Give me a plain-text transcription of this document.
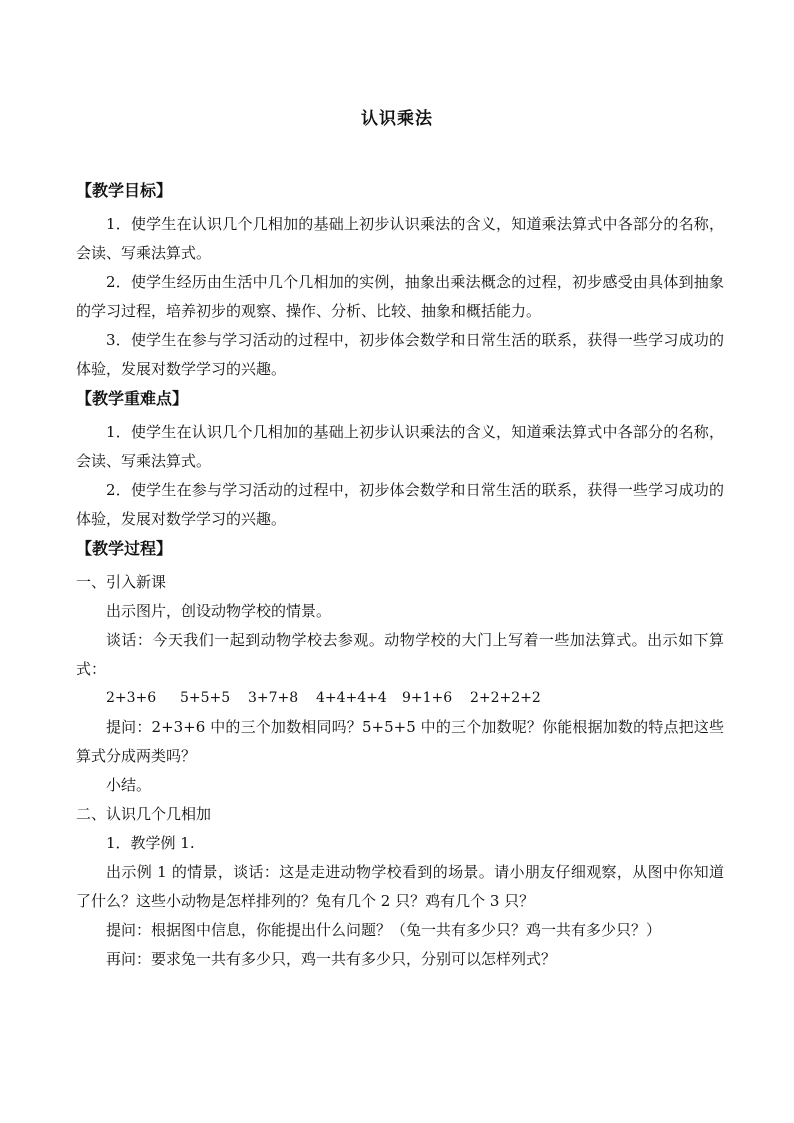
认识乘法
【教学目标】

1．使学生在认识几个几相加的基础上初步认识乘法的含义，知道乘法算式中各部分的名称，会读、写乘法算式。

2．使学生经历由生活中几个几相加的实例，抽象出乘法概念的过程，初步感受由具体到抽象的学习过程，培养初步的观察、操作、分析、比较、抽象和概括能力。

3．使学生在参与学习活动的过程中，初步体会数学和日常生活的联系，获得一些学习成功的体验，发展对数学学习的兴趣。

【教学重难点】

1．使学生在认识几个几相加的基础上初步认识乘法的含义，知道乘法算式中各部分的名称，会读、写乘法算式。

2．使学生在参与学习活动的过程中，初步体会数学和日常生活的联系，获得一些学习成功的体验，发展对数学学习的兴趣。

【教学过程】

一、引入新课

出示图片，创设动物学校的情景。

谈话：今天我们一起到动物学校去参观。动物学校的大门上写着一些加法算式。出示如下算式：

2+3+6	5+5+5	3+7+8	4+4+4+4	9+1+6	2+2+2+2

提问：2+3+6 中的三个加数相同吗？5+5+5 中的三个加数呢？你能根据加数的特点把这些算式分成两类吗？

小结。

二、认识几个几相加

1．教学例 1.

出示例 1 的情景，谈话：这是走进动物学校看到的场景。请小朋友仔细观察，从图中你知道了什么？这些小动物是怎样排列的？兔有几个 2 只？鸡有几个 3 只？

提问：根据图中信息，你能提出什么问题？（兔一共有多少只？鸡一共有多少只？）

再问：要求兔一共有多少只，鸡一共有多少只，分别可以怎样列式？
